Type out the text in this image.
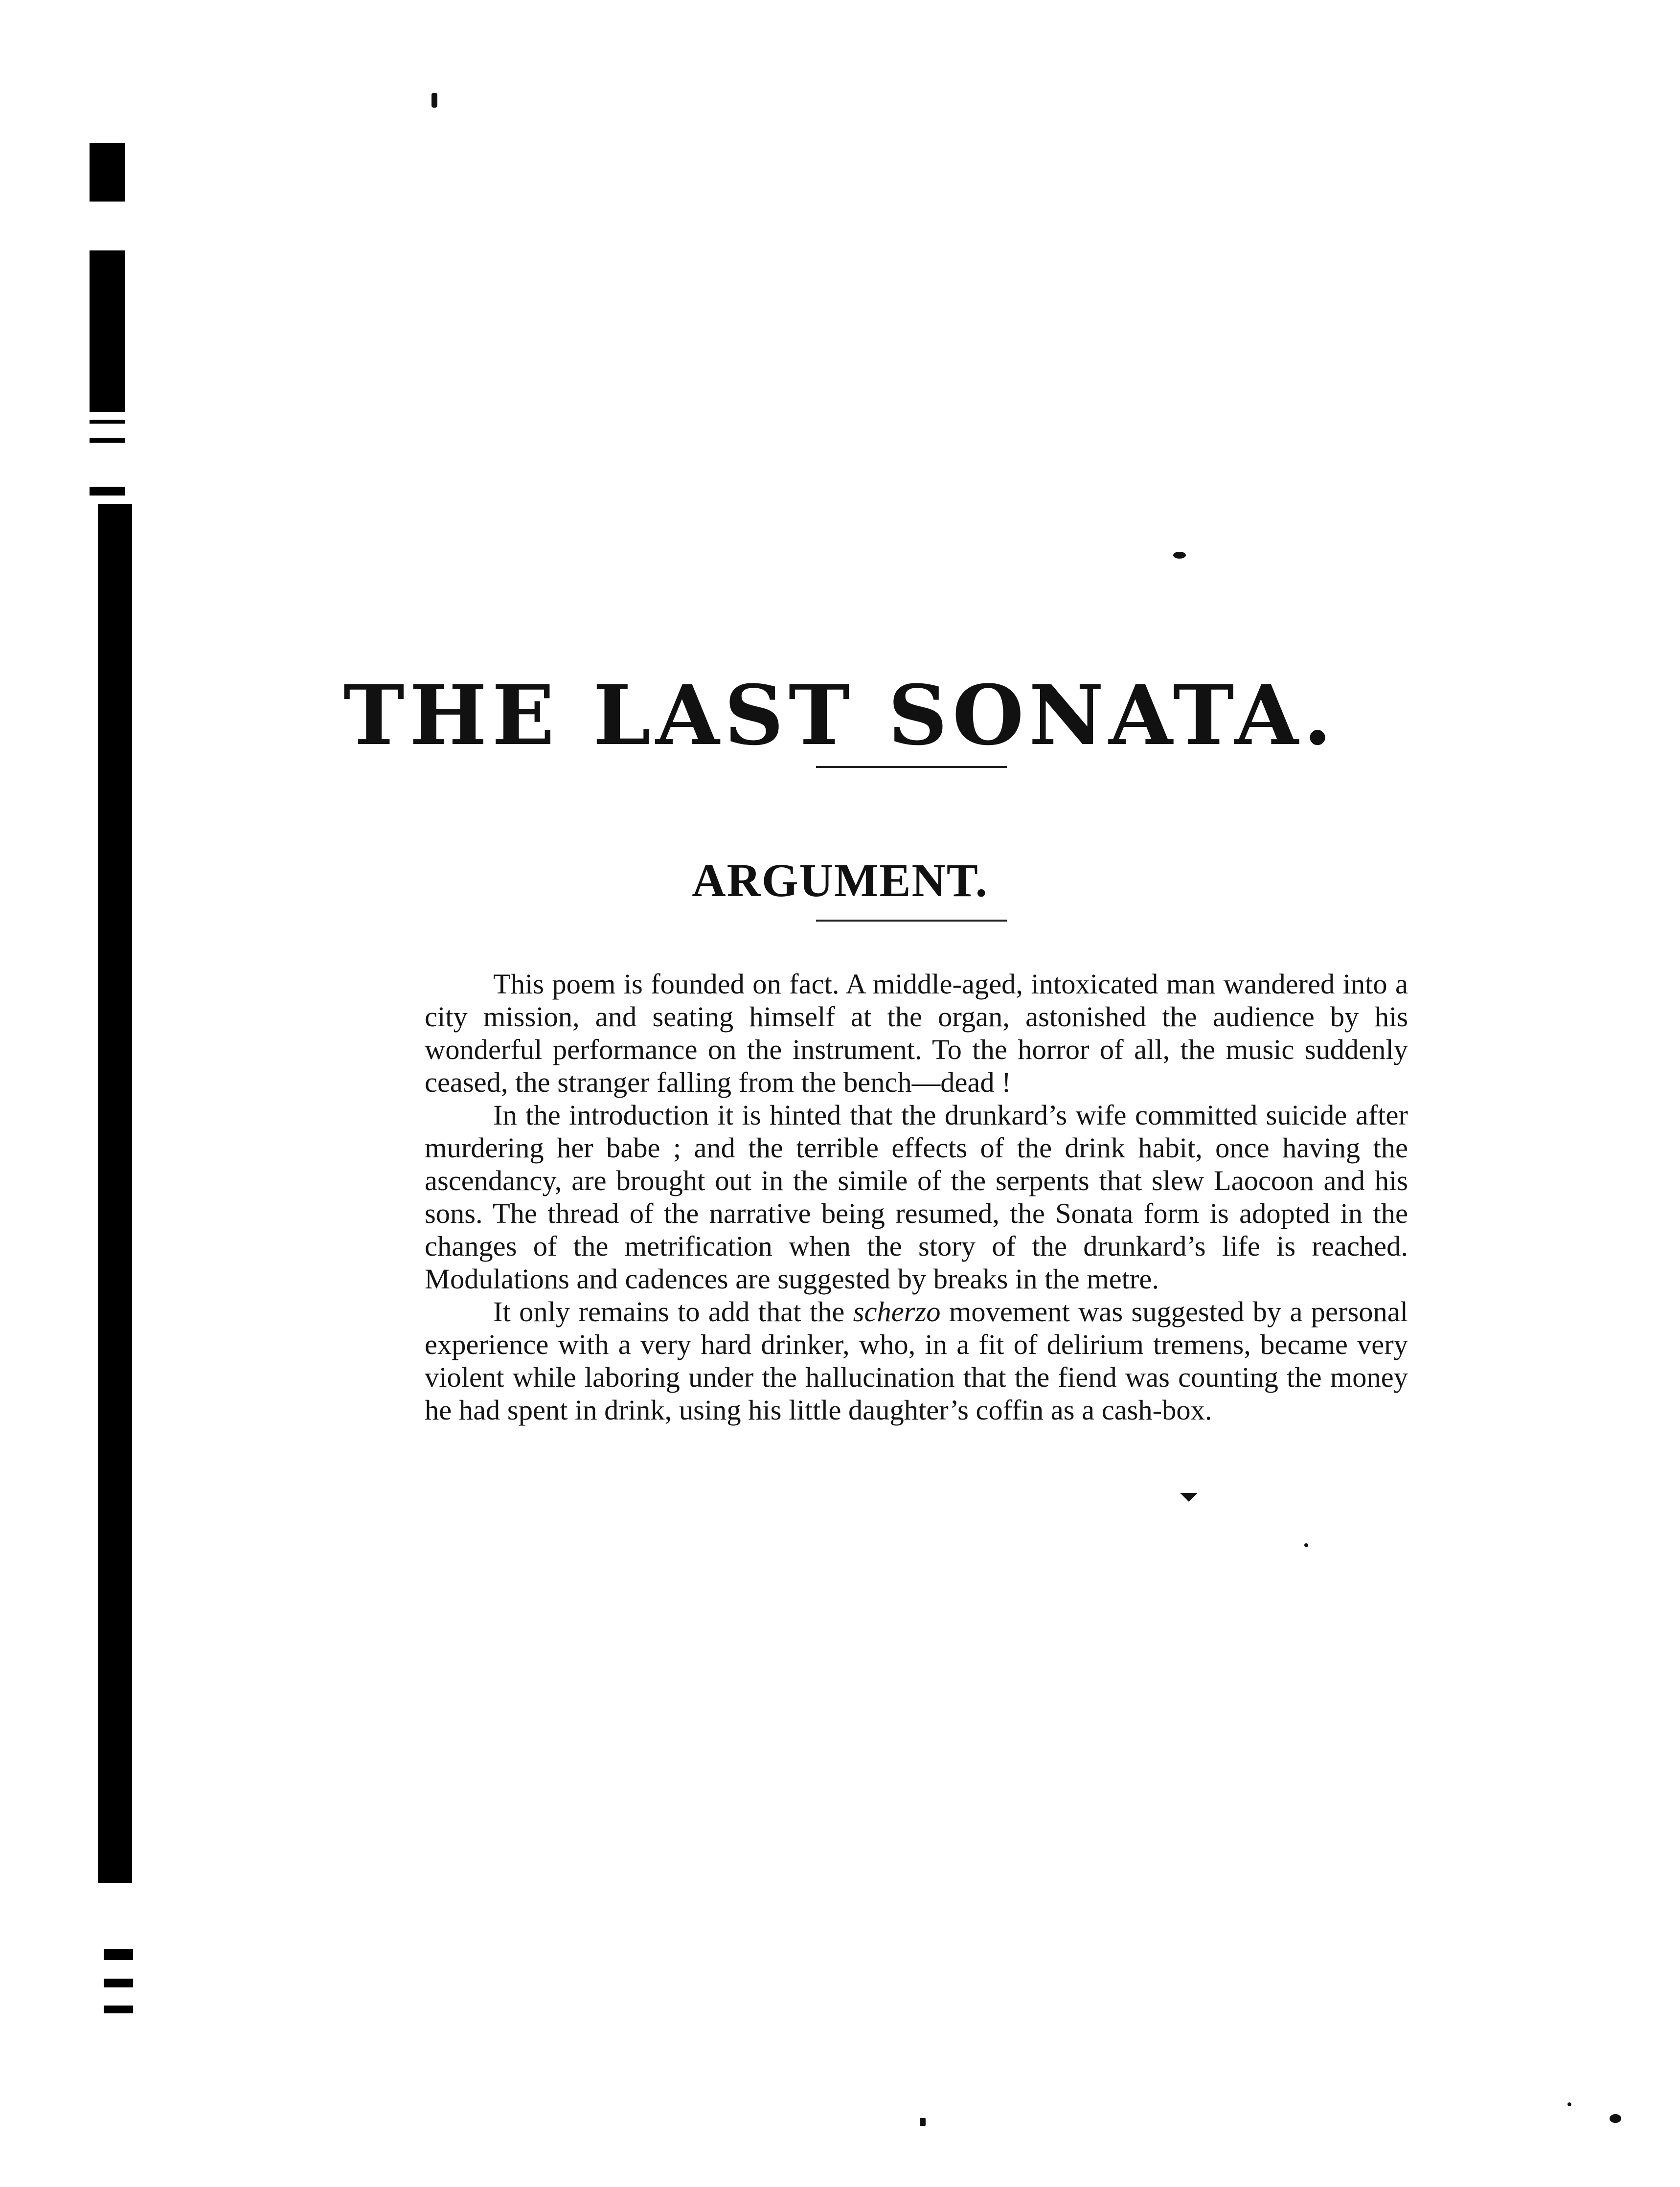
THE LAST SONATA.
ARGUMENT.

This poem is founded on fact. A middle-aged, intoxicated man wandered into a city mission, and seating himself at the organ, astonished the audience by his wonderful performance on the instrument. To the horror of all, the music suddenly ceased, the stranger falling from the bench—dead !

In the introduction it is hinted that the drunkard’s wife committed suicide after murdering her babe ; and the terrible effects of the drink habit, once having the ascendancy, are brought out in the simile of the serpents that slew Laocoon and his sons. The thread of the narrative being resumed, the Sonata form is adopted in the changes of the metrification when the story of the drunkard’s life is reached. Modulations and cadences are suggested by breaks in the metre.

It only remains to add that the scherzo movement was suggested by a personal experience with a very hard drinker, who, in a fit of delirium tremens, became very violent while laboring under the hallucination that the fiend was counting the money he had spent in drink, using his little daughter’s coffin as a cash-box.
